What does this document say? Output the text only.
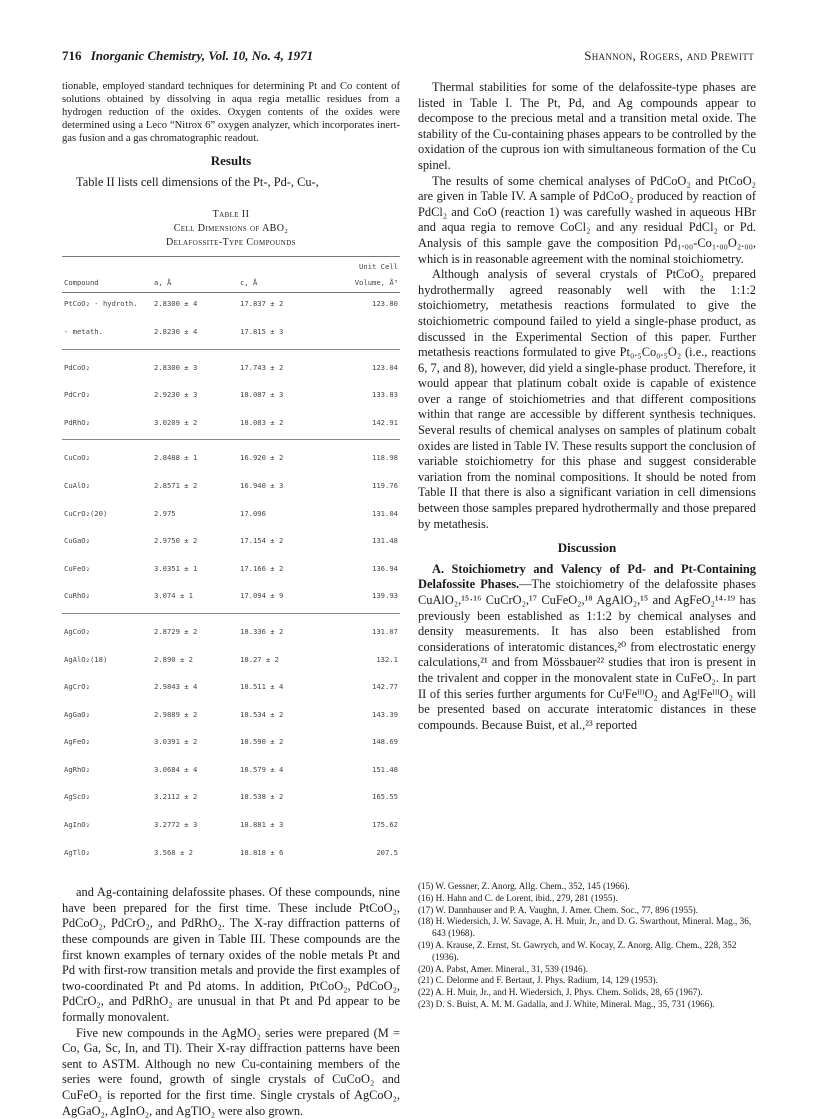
716 Inorganic Chemistry, Vol. 10, No. 4, 1971	Shannon, Rogers, and Prewitt

tionable, employed standard techniques for determining Pt and Co content of solutions obtained by dissolving in aqua regia metallic residues from a hydrogen reduction of the oxides. Oxygen contents of the oxides were determined using a Leco “Nitrox 6” oxygen analyzer, which incorporates inert-gas fusion and a gas chromatographic readout.

Results

Table II lists cell dimensions of the Pt-, Pd-, Cu-,

Table II
Cell Dimensions of ABO₂
Delafossite-Type Compounds
Compound	a, Å	c, Å	Unit Cell
Volume, Å³

PtCoO₂ - hydroth.	2.8300 ± 4	17.837 ± 2	123.80
- metath.	2.8230 ± 4	17.815 ± 3	
PdCoO₂	2.8300 ± 3	17.743 ± 2	123.04
PdCrO₂	2.9230 ± 3	18.087 ± 3	133.83
PdRhO₂	3.0209 ± 2	18.083 ± 2	142.91
CuCoO₂	2.8488 ± 1	16.920 ± 2	118.98
CuAlO₂	2.8571 ± 2	16.940 ± 3	119.76
CuCrO₂(20)	2.975	17.096	131.04
CuGaO₂	2.9750 ± 2	17.154 ± 2	131.48
CuFeO₂	3.0351 ± 1	17.166 ± 2	136.94
CuRhO₂	3.074 ± 1	17.094 ± 9	139.93
AgCoO₂	2.8729 ± 2	18.336 ± 2	131.07
AgAlO₂(18)	2.890 ± 2	18.27 ± 2	132.1
AgCrO₂	2.9843 ± 4	18.511 ± 4	142.77
AgGaO₂	2.9889 ± 2	18.534 ± 2	143.39
AgFeO₂	3.0391 ± 2	18.590 ± 2	148.69
AgRhO₂	3.0684 ± 4	18.579 ± 4	151.48
AgScO₂	3.2112 ± 2	18.538 ± 2	165.55
AgInO₂	3.2772 ± 3	18.881 ± 3	175.62
AgTlO₂	3.568 ± 2	18.818 ± 6	207.5

and Ag-containing delafossite phases. Of these compounds, nine have been prepared for the first time. These include PtCoO₂, PdCoO₂, PdCrO₂, and PdRhO₂. The X-ray diffraction patterns of these compounds are given in Table III. These compounds are the first known examples of ternary oxides of the noble metals Pt and Pd with first-row transition metals and provide the first examples of two-coordinated Pt and Pd atoms. In addition, PtCoO₂, PdCoO₂, PdCrO₂, and PdRhO₂ are unusual in that Pt and Pd appear to be formally monovalent.

Five new compounds in the AgMO₂ series were prepared (M = Co, Ga, Sc, In, and Tl). Their X-ray diffraction patterns have been sent to ASTM. Although no new Cu-containing members of the series were found, growth of single crystals of CuCoO₂ and CuFeO₂ is reported for the first time. Single crystals of AgCoO₂, AgGaO₂, AgInO₂, and AgTlO₂ were also grown.

Thermal stabilities for some of the delafossite-type phases are listed in Table I. The Pt, Pd, and Ag compounds appear to decompose to the precious metal and a transition metal oxide. The stability of the Cu-containing phases appears to be controlled by the oxidation of the cuprous ion with simultaneous formation of the Cu spinel.

The results of some chemical analyses of PdCoO₂ and PtCoO₂ are given in Table IV. A sample of PdCoO₂ produced by reaction of PdCl₂ and CoO (reaction 1) was carefully washed in aqueous HBr and aqua regia to remove CoCl₂ and any residual PdCl₂ or Pd. Analysis of this sample gave the composition Pd₁.₀₀-Co₁.₀₀O₂.₀₀, which is in reasonable agreement with the nominal stoichiometry.

Although analysis of several crystals of PtCoO₂ prepared hydrothermally agreed reasonably well with the 1:1:2 stoichiometry, metathesis reactions formulated to give the stoichiometric compound failed to yield a single-phase product, as discussed in the Experimental Section of this paper. Further metathesis reactions formulated to give Pt₀.₅Co₀.₅O₂ (i.e., reactions 6, 7, and 8), however, did yield a single-phase product. Therefore, it would appear that platinum cobalt oxide is capable of existence over a range of stoichiometries and that different compositions within that range are accessible by different synthesis techniques. Several results of chemical analyses on samples of platinum cobalt oxides are listed in Table IV. These results support the conclusion of variable stoichiometry for this phase and suggest considerable variation from the nominal compositions. It should be noted from Table II that there is also a significant variation in cell dimensions between those samples prepared hydrothermally and those prepared by metathesis.

Discussion

A. Stoichiometry and Valency of Pd- and Pt-Containing Delafossite Phases.—The stoichiometry of the delafossite phases CuAlO₂,¹⁵·¹⁶ CuCrO₂,¹⁷ CuFeO₂,¹⁸ AgAlO₂,¹⁵ and AgFeO₂¹⁴·¹⁹ has previously been established as 1:1:2 by chemical analyses and density measurements. It has also been established from considerations of interatomic distances,²⁰ from electrostatic energy calculations,²¹ and from Mössbauer²² studies that iron is present in the trivalent and copper in the monovalent state in CuFeO₂. In part II of this series further arguments for CuᴵFeᴵᴵᴵO₂ and AgᴵFeᴵᴵᴵO₂ will be presented based on accurate interatomic distances in these compounds. Because Buist, et al.,²³ reported

(15) W. Gessner, Z. Anorg. Allg. Chem., 352, 145 (1966).
(16) H. Hahn and C. de Lorent, ibid., 279, 281 (1955).
(17) W. Dannhauser and P. A. Vaughn, J. Amer. Chem. Soc., 77, 896 (1955).
(18) H. Wiedersich, J. W. Savage, A. H. Muir, Jr., and D. G. Swarthout, Mineral. Mag., 36, 643 (1968).
(19) A. Krause, Z. Ernst, St. Gawrych, and W. Kocay, Z. Anorg. Allg. Chem., 228, 352 (1936).
(20) A. Pabst, Amer. Mineral., 31, 539 (1946).
(21) C. Delorme and F. Bertaut, J. Phys. Radium, 14, 129 (1953).
(22) A. H. Muir, Jr., and H. Wiedersich, J. Phys. Chem. Solids, 28, 65 (1967).
(23) D. S. Buist, A. M. M. Gadalla, and J. White, Mineral. Mag., 35, 731 (1966).
